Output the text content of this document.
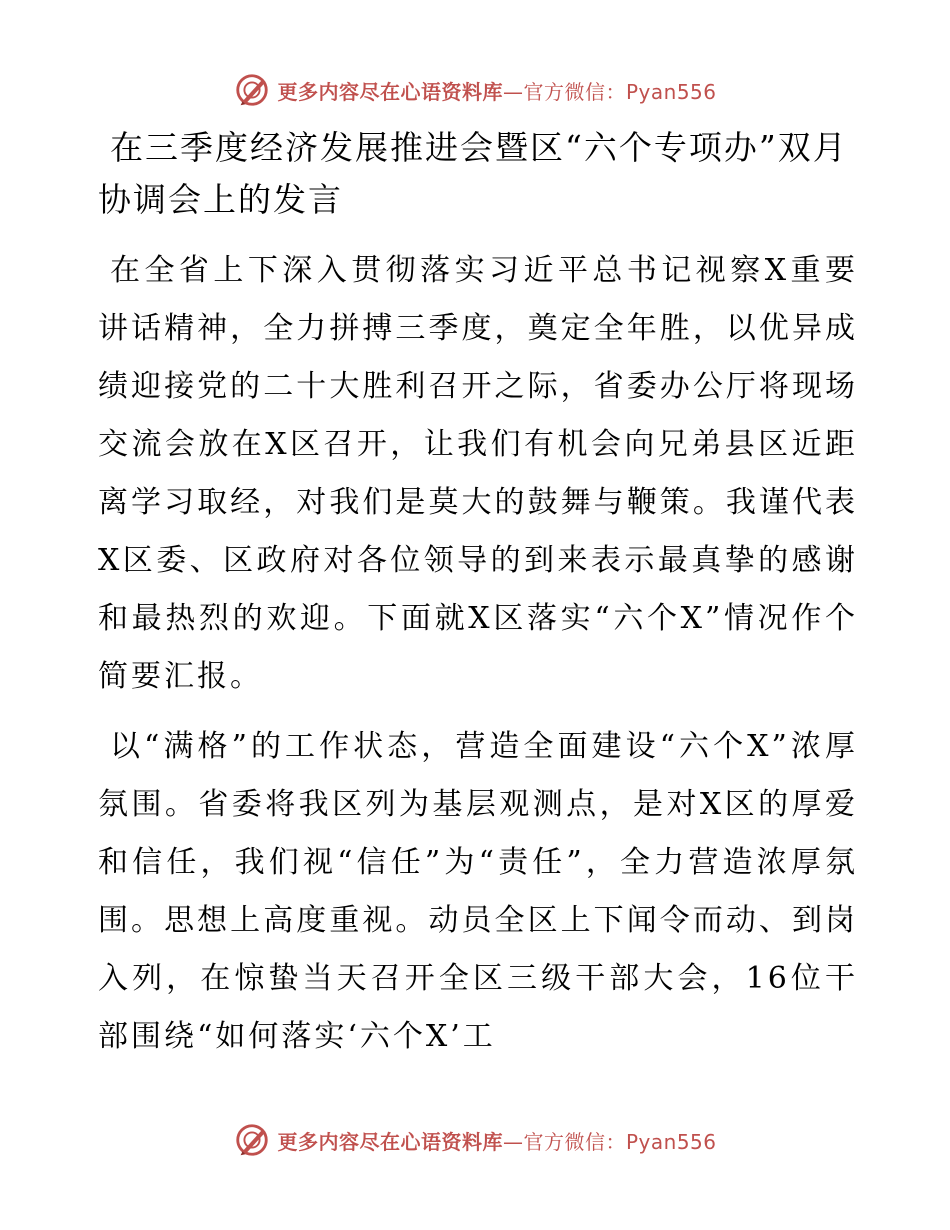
更多内容尽在心语资料库—官方微信：Pyan556
在三季度经济发展推进会暨区“六个专项办”双月协调会上的发言

在全省上下深入贯彻落实习近平总书记视察X重要讲话精神，全力拼搏三季度，奠定全年胜，以优异成绩迎接党的二十大胜利召开之际，省委办公厅将现场交流会放在X区召开，让我们有机会向兄弟县区近距离学习取经，对我们是莫大的鼓舞与鞭策。我谨代表X区委、区政府对各位领导的到来表示最真挚的感谢和最热烈的欢迎。下面就X区落实“六个X”情况作个简要汇报。

以“满格”的工作状态，营造全面建设“六个X”浓厚氛围。省委将我区列为基层观测点，是对X区的厚爱和信任，我们视“信任”为“责任”，全力营造浓厚氛围。思想上高度重视。动员全区上下闻令而动、到岗入列，在惊蛰当天召开全区三级干部大会，16位干部围绕“如何落实‘六个X’工

更多内容尽在心语资料库—官方微信：Pyan556
